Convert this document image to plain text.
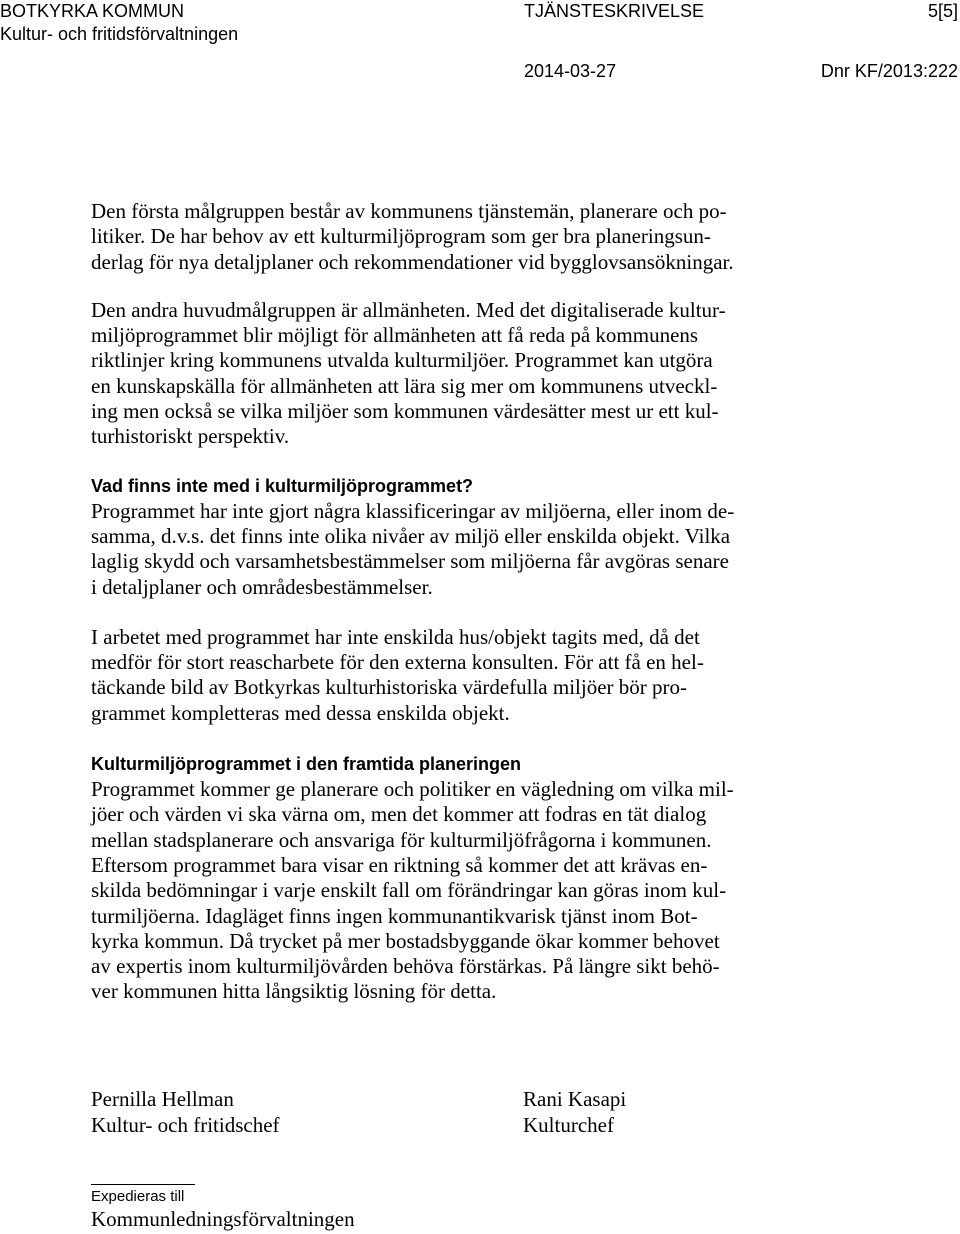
BOTKYRKA KOMMUN
Kultur- och fritidsförvaltningen
TJÄNSTESKRIVELSE	5[5]
2014-03-27	Dnr KF/2013:222
Den första målgruppen består av kommunens tjänstemän, planerare och po-
litiker. De har behov av ett kulturmiljöprogram som ger bra planeringsun-
derlag för nya detaljplaner och rekommendationer vid bygglovsansökningar.
Den andra huvudmålgruppen är allmänheten. Med det digitaliserade kultur-
miljöprogrammet blir möjligt för allmänheten att få reda på kommunens
riktlinjer kring kommunens utvalda kulturmiljöer. Programmet kan utgöra
en kunskapskälla för allmänheten att lära sig mer om kommunens utveckl-
ing men också se vilka miljöer som kommunen värdesätter mest ur ett kul-
turhistoriskt perspektiv.
Vad finns inte med i kulturmiljöprogrammet?
Programmet har inte gjort några klassificeringar av miljöerna, eller inom de-
samma, d.v.s. det finns inte olika nivåer av miljö eller enskilda objekt. Vilka
laglig skydd och varsamhetsbestämmelser som miljöerna får avgöras senare
i detaljplaner och områdesbestämmelser.
I arbetet med programmet har inte enskilda hus/objekt tagits med, då det
medför för stort reascharbete för den externa konsulten. För att få en hel-
täckande bild av Botkyrkas kulturhistoriska värdefulla miljöer bör pro-
grammet kompletteras med dessa enskilda objekt.
Kulturmiljöprogrammet i den framtida planeringen
Programmet kommer ge planerare och politiker en vägledning om vilka mil-
jöer och värden vi ska värna om, men det kommer att fodras en tät dialog
mellan stadsplanerare och ansvariga för kulturmiljöfrågorna i kommunen.
Eftersom programmet bara visar en riktning så kommer det att krävas en-
skilda bedömningar i varje enskilt fall om förändringar kan göras inom kul-
turmiljöerna. Idagläget finns ingen kommunantikvarisk tjänst inom Bot-
kyrka kommun. Då trycket på mer bostadsbyggande ökar kommer behovet
av expertis inom kulturmiljövården behöva förstärkas. På längre sikt behö-
ver kommunen hitta långsiktig lösning för detta.
Pernilla Hellman
Kultur- och fritidschef
Rani Kasapi
Kulturchef
Expedieras till
Kommunledningsförvaltningen
